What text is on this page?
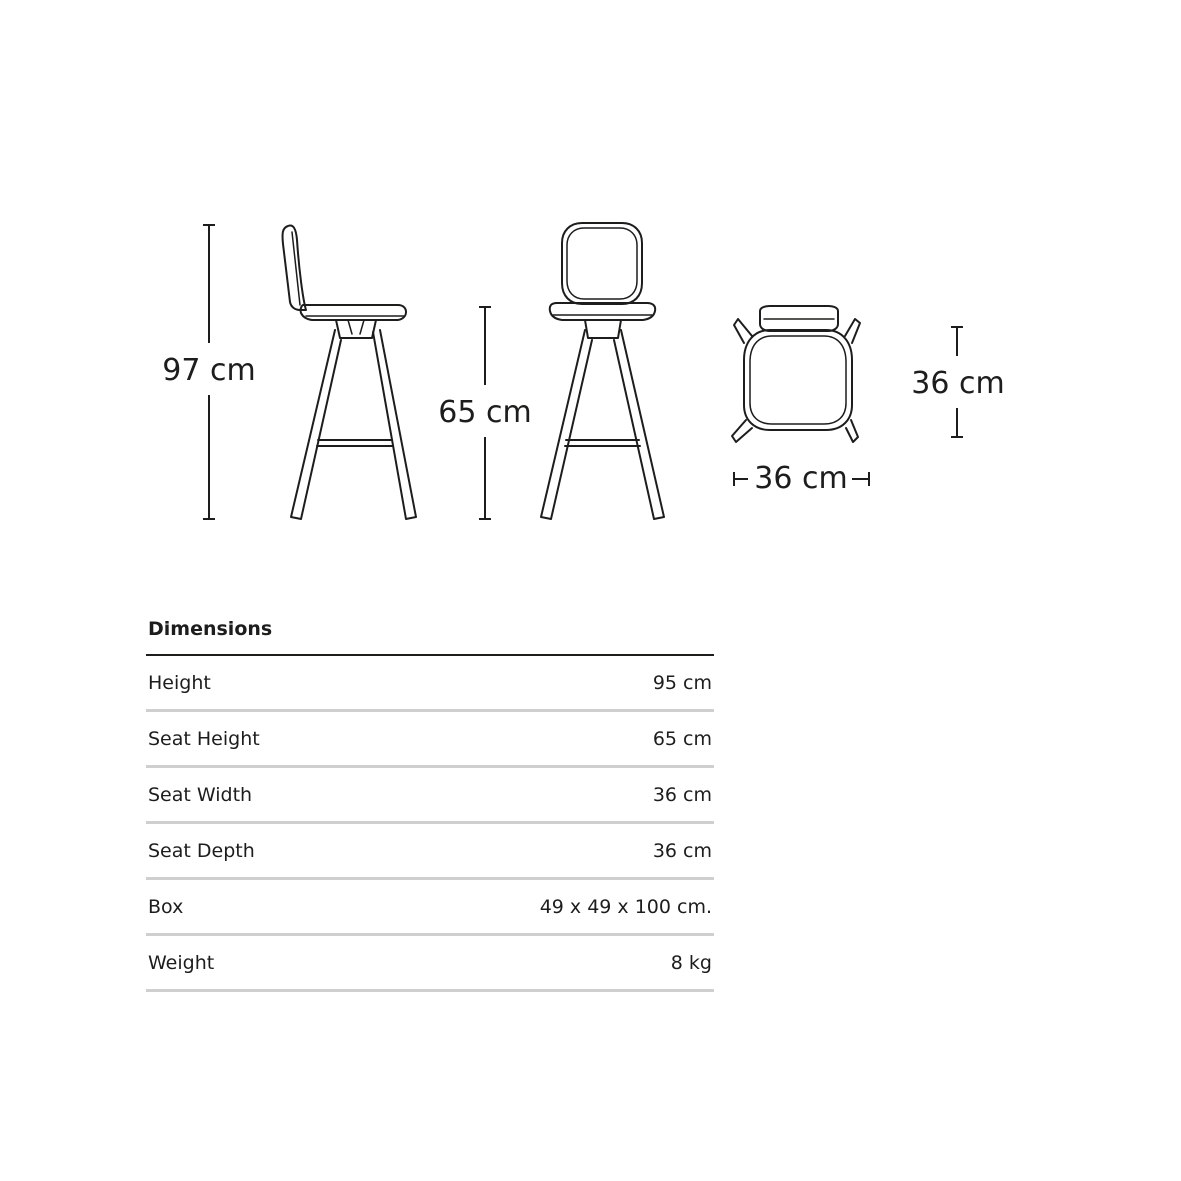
97 cm
65 cm
36 cm
36 cm
Dimensions
Height	95 cm
Seat Height	65 cm
Seat Width	36 cm
Seat Depth	36 cm
Box	49 x 49 x 100 cm.
Weight	8 kg
